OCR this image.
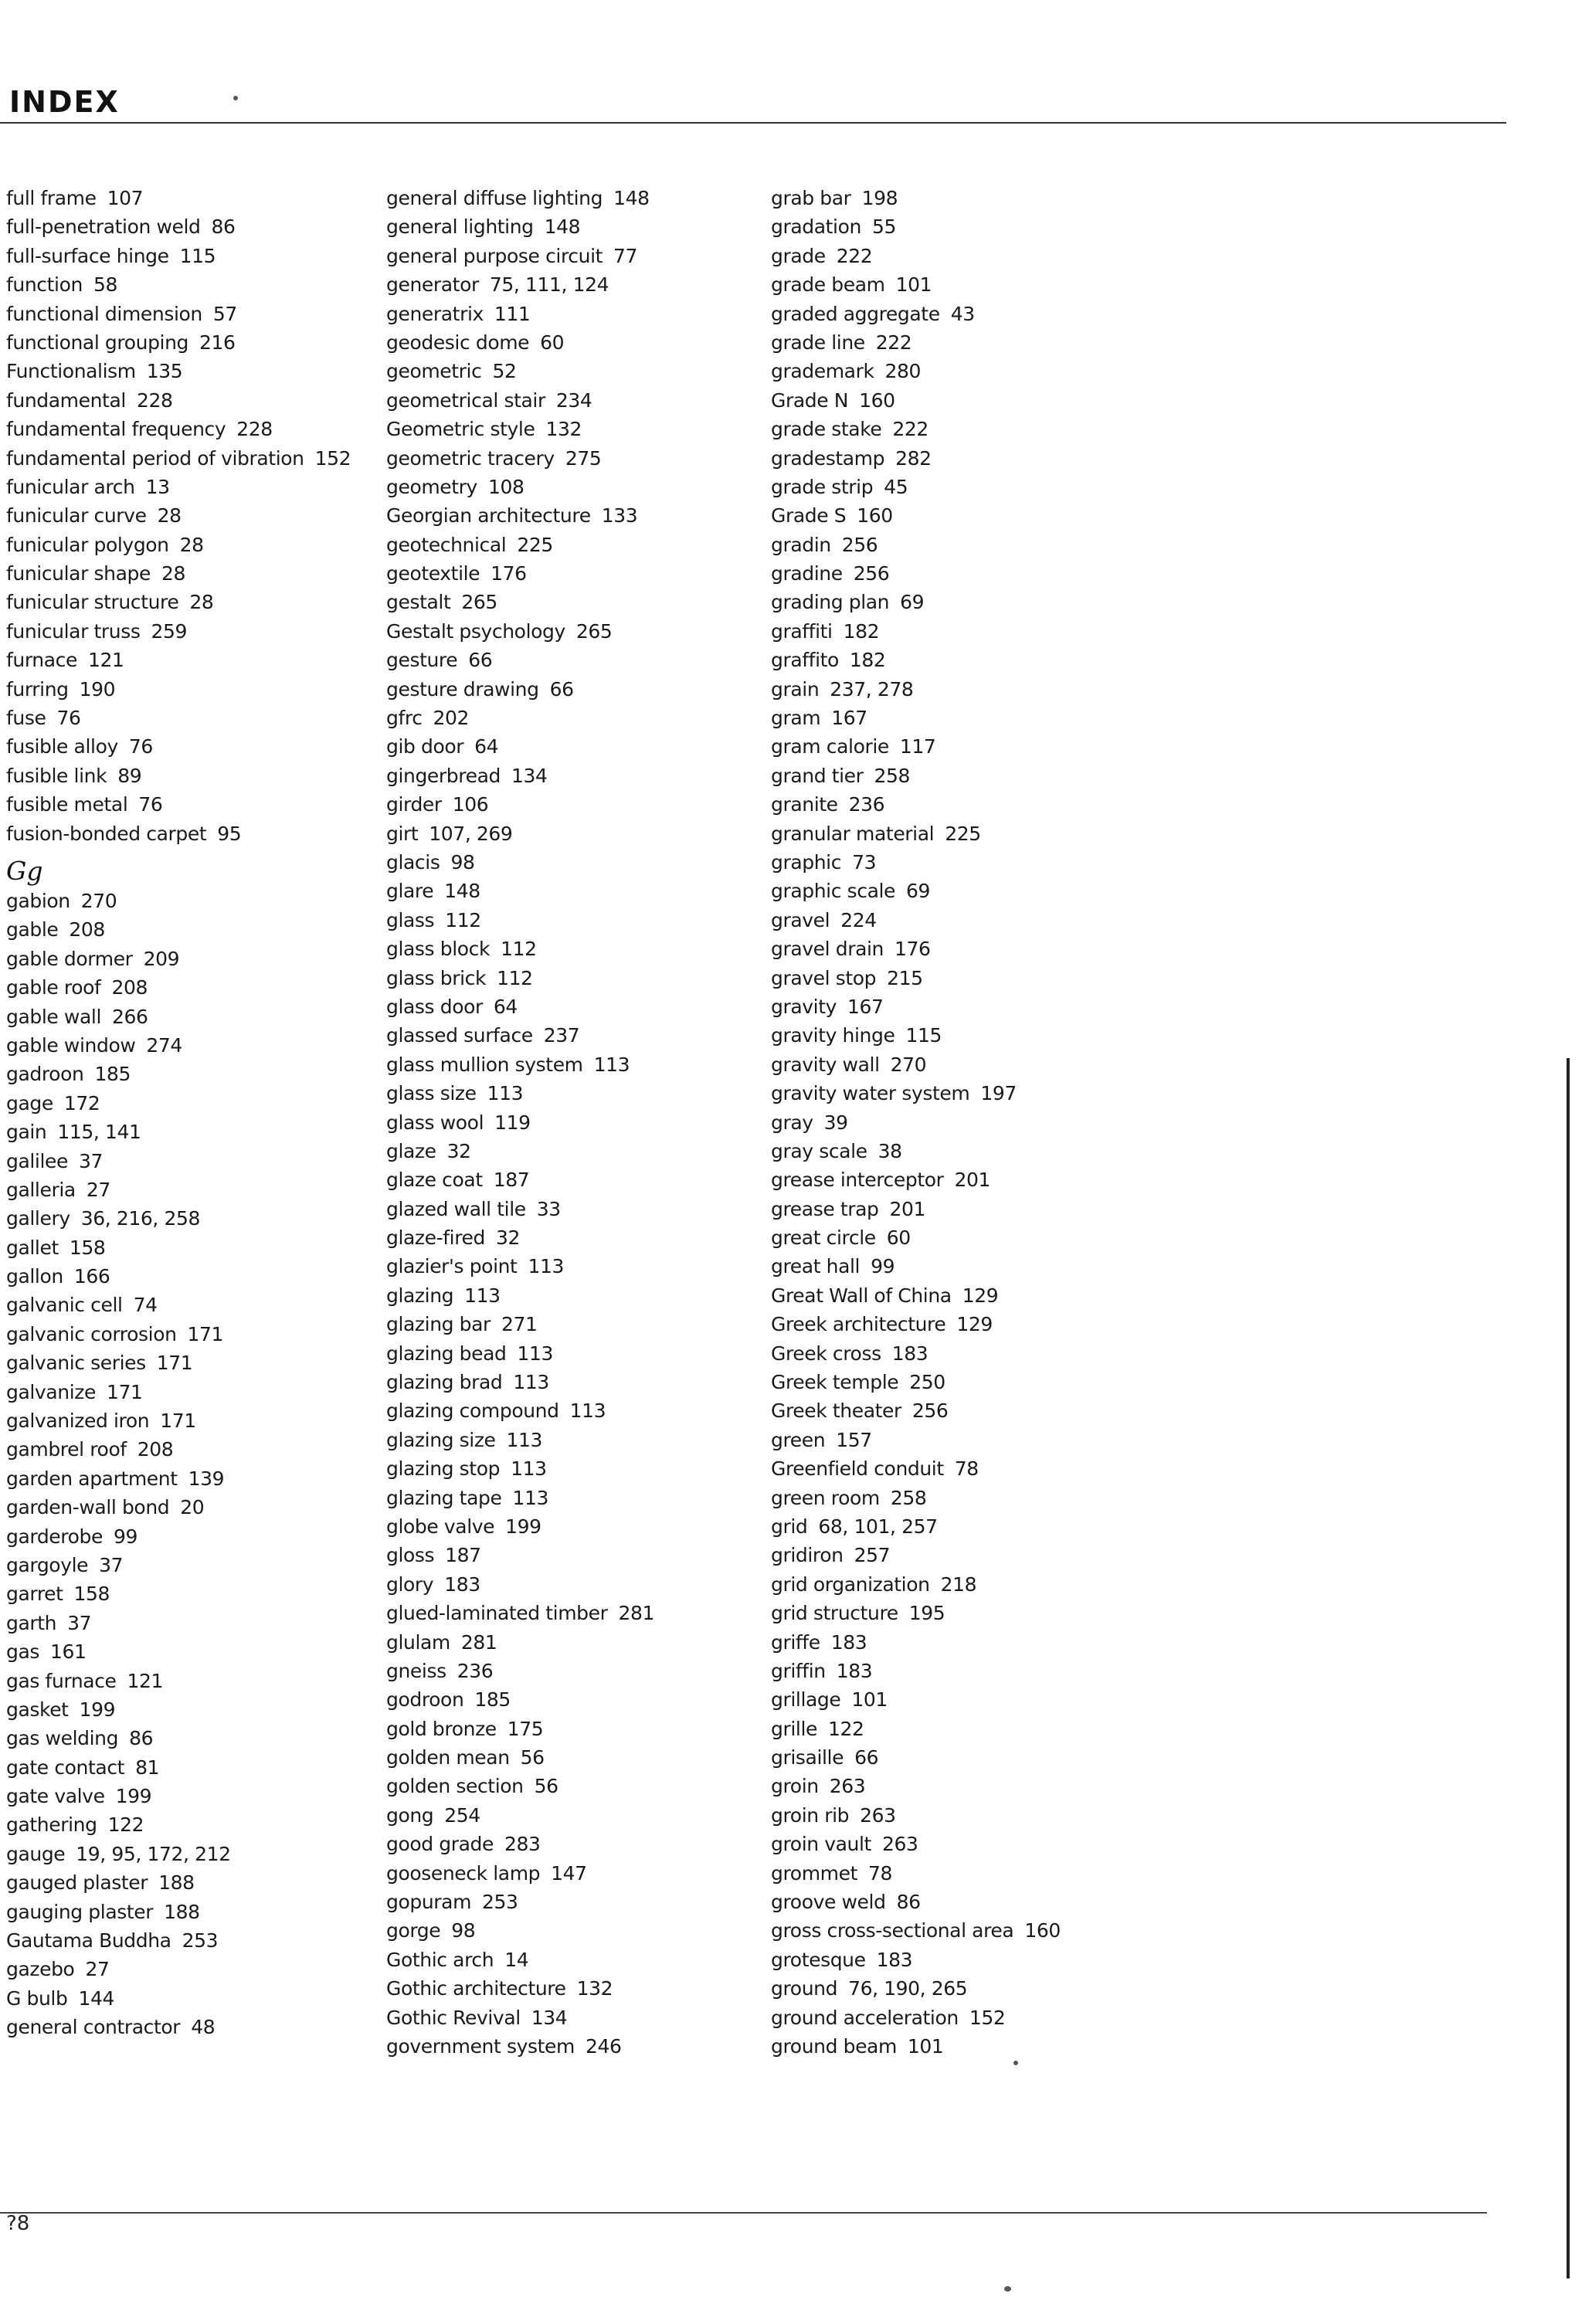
INDEX
full frame 107
full-penetration weld 86
full-surface hinge 115
function 58
functional dimension 57
functional grouping 216
Functionalism 135
fundamental 228
fundamental frequency 228
fundamental period of vibration 152
funicular arch 13
funicular curve 28
funicular polygon 28
funicular shape 28
funicular structure 28
funicular truss 259
furnace 121
furring 190
fuse 76
fusible alloy 76
fusible link 89
fusible metal 76
fusion-bonded carpet 95
Gg
gabion 270
gable 208
gable dormer 209
gable roof 208
gable wall 266
gable window 274
gadroon 185
gage 172
gain 115, 141
galilee 37
galleria 27
gallery 36, 216, 258
gallet 158
gallon 166
galvanic cell 74
galvanic corrosion 171
galvanic series 171
galvanize 171
galvanized iron 171
gambrel roof 208
garden apartment 139
garden-wall bond 20
garderobe 99
gargoyle 37
garret 158
garth 37
gas 161
gas furnace 121
gasket 199
gas welding 86
gate contact 81
gate valve 199
gathering 122
gauge 19, 95, 172, 212
gauged plaster 188
gauging plaster 188
Gautama Buddha 253
gazebo 27
G bulb 144
general contractor 48
general diffuse lighting 148
general lighting 148
general purpose circuit 77
generator 75, 111, 124
generatrix 111
geodesic dome 60
geometric 52
geometrical stair 234
Geometric style 132
geometric tracery 275
geometry 108
Georgian architecture 133
geotechnical 225
geotextile 176
gestalt 265
Gestalt psychology 265
gesture 66
gesture drawing 66
gfrc 202
gib door 64
gingerbread 134
girder 106
girt 107, 269
glacis 98
glare 148
glass 112
glass block 112
glass brick 112
glass door 64
glassed surface 237
glass mullion system 113
glass size 113
glass wool 119
glaze 32
glaze coat 187
glazed wall tile 33
glaze-fired 32
glazier's point 113
glazing 113
glazing bar 271
glazing bead 113
glazing brad 113
glazing compound 113
glazing size 113
glazing stop 113
glazing tape 113
globe valve 199
gloss 187
glory 183
glued-laminated timber 281
glulam 281
gneiss 236
godroon 185
gold bronze 175
golden mean 56
golden section 56
gong 254
good grade 283
gooseneck lamp 147
gopuram 253
gorge 98
Gothic arch 14
Gothic architecture 132
Gothic Revival 134
government system 246
grab bar 198
gradation 55
grade 222
grade beam 101
graded aggregate 43
grade line 222
grademark 280
Grade N 160
grade stake 222
gradestamp 282
grade strip 45
Grade S 160
gradin 256
gradine 256
grading plan 69
graffiti 182
graffito 182
grain 237, 278
gram 167
gram calorie 117
grand tier 258
granite 236
granular material 225
graphic 73
graphic scale 69
gravel 224
gravel drain 176
gravel stop 215
gravity 167
gravity hinge 115
gravity wall 270
gravity water system 197
gray 39
gray scale 38
grease interceptor 201
grease trap 201
great circle 60
great hall 99
Great Wall of China 129
Greek architecture 129
Greek cross 183
Greek temple 250
Greek theater 256
green 157
Greenfield conduit 78
green room 258
grid 68, 101, 257
gridiron 257
grid organization 218
grid structure 195
griffe 183
griffin 183
grillage 101
grille 122
grisaille 66
groin 263
groin rib 263
groin vault 263
grommet 78
groove weld 86
gross cross-sectional area 160
grotesque 183
ground 76, 190, 265
ground acceleration 152
ground beam 101
?8
